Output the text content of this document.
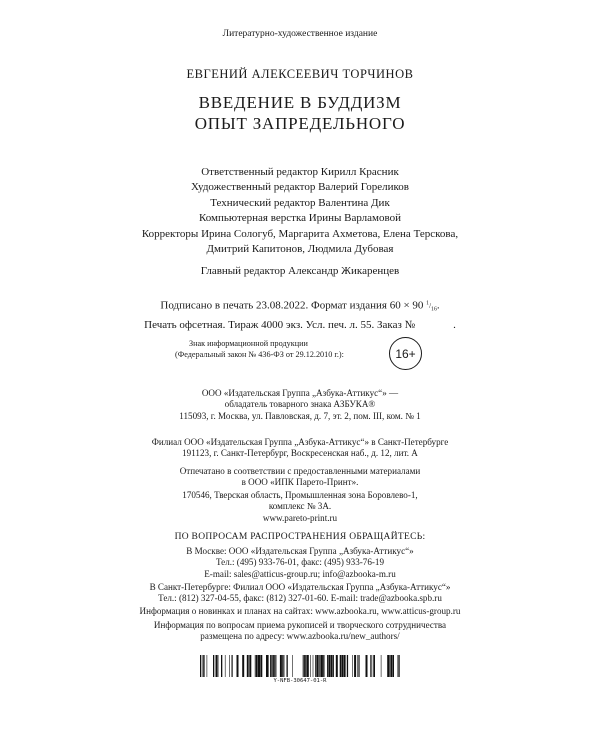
Литературно-художественное издание
ЕВГЕНИЙ АЛЕКСЕЕВИЧ ТОРЧИНОВ
ВВЕДЕНИЕ В БУДДИЗМ
ОПЫТ ЗАПРЕДЕЛЬНОГО
Ответственный редактор Кирилл Красник
Художественный редактор Валерий Гореликов
Технический редактор Валентина Дик
Компьютерная верстка Ирины Варламовой
Корректоры Ирина Сологуб, Маргарита Ахметова, Елена Терскова,
Дмитрий Капитонов, Людмила Дубовая
Главный редактор Александр Жикаренцев
Подписано в печать 23.08.2022. Формат издания 60 × 90 $^1/_{16}$.
Печать офсетная. Тираж 4000 экз. Усл. печ. л. 55. Заказ №	.
Знак информационной продукции
(Федеральный закон № 436-ФЗ от 29.12.2010 г.):	16+
ООО «Издательская Группа „Азбука-Аттикус“» —
обладатель товарного знака АЗБУКА®
115093, г. Москва, ул. Павловская, д. 7, эт. 2, пом. III, ком. № 1
Филиал ООО «Издательская Группа „Азбука-Аттикус“» в Санкт-Петербурге
191123, г. Санкт-Петербург, Воскресенская наб., д. 12, лит. А
Отпечатано в соответствии с предоставленными материалами
в ООО «ИПК Парето-Принт».
170546, Тверская область, Промышленная зона Боровлево-1,
комплекс № 3А.
www.pareto-print.ru
ПО ВОПРОСАМ РАСПРОСТРАНЕНИЯ ОБРАЩАЙТЕСЬ:
В Москве: ООО «Издательская Группа „Азбука-Аттикус“»
Тел.: (495) 933-76-01, факс: (495) 933-76-19
E-mail: sales@atticus-group.ru; info@azbooka-m.ru
В Санкт-Петербурге: Филиал ООО «Издательская Группа „Азбука-Аттикус“»
Тел.: (812) 327-04-55, факс: (812) 327-01-60. E-mail: trade@azbooka.spb.ru
Информация о новинках и планах на сайтах: www.azbooka.ru, www.atticus-group.ru
Информация по вопросам приема рукописей и творческого сотрудничества
размещена по адресу: www.azbooka.ru/new_authors/
Y-NFB-30647-01-R
